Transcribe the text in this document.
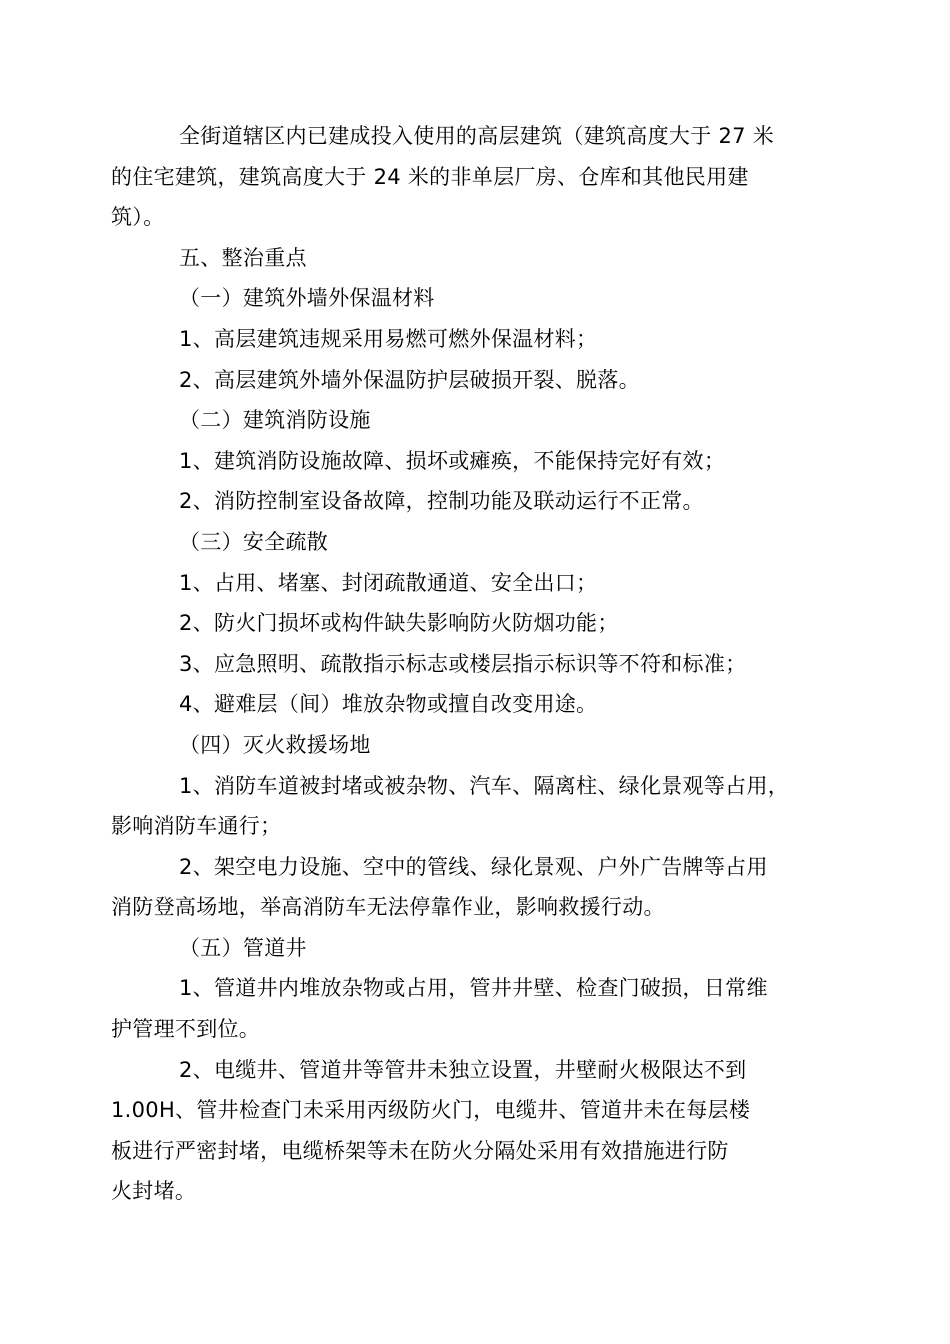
全街道辖区内已建成投入使用的高层建筑（建筑高度大于 27 米
的住宅建筑，建筑高度大于 24 米的非单层厂房、仓库和其他民用建
筑）。

五、整治重点

（一）建筑外墙外保温材料

1、高层建筑违规采用易燃可燃外保温材料；

2、高层建筑外墙外保温防护层破损开裂、脱落。

（二）建筑消防设施

1、建筑消防设施故障、损坏或瘫痪，不能保持完好有效；

2、消防控制室设备故障，控制功能及联动运行不正常。

（三）安全疏散

1、占用、堵塞、封闭疏散通道、安全出口；

2、防火门损坏或构件缺失影响防火防烟功能；

3、应急照明、疏散指示标志或楼层指示标识等不符和标准；

4、避难层（间）堆放杂物或擅自改变用途。

（四）灭火救援场地

1、消防车道被封堵或被杂物、汽车、隔离柱、绿化景观等占用，
影响消防车通行；

2、架空电力设施、空中的管线、绿化景观、户外广告牌等占用
消防登高场地，举高消防车无法停靠作业，影响救援行动。

（五）管道井

1、管道井内堆放杂物或占用，管井井壁、检查门破损，日常维
护管理不到位。

2、电缆井、管道井等管井未独立设置，井壁耐火极限达不到
1.00H、管井检查门未采用丙级防火门，电缆井、管道井未在每层楼
板进行严密封堵，电缆桥架等未在防火分隔处采用有效措施进行防
火封堵。
